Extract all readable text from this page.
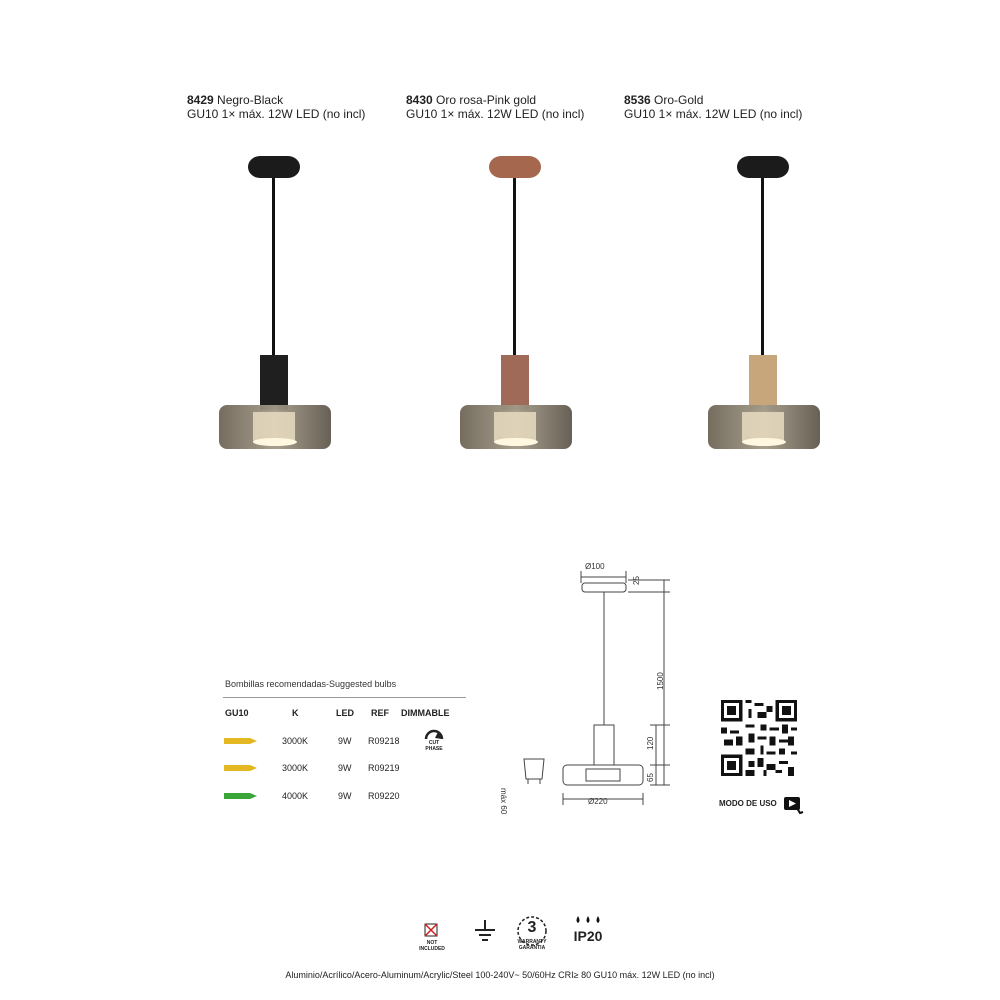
8429 Negro-Black
GU10 1× máx. 12W LED (no incl)
8430 Oro rosa-Pink gold
GU10 1× máx. 12W LED (no incl)
8536 Oro-Gold
GU10 1× máx. 12W LED (no incl)
Bombillas recomendadas-Suggested bulbs
GU10	K	LED REF DIMMABLE
3000K	9W R09218	CUT PHASE
3000K	9W R09219
4000K	9W R09220
Ø100
25
1500
120
65
Ø220
máx 60	MODO DE USO
NOT INCLUDED
3
WARRANTY GARANTIA
IP20
Aluminio/Acrílico/Acero-Aluminum/Acrylic/Steel 100-240V~ 50/60Hz CRI≥ 80 GU10 máx. 12W LED (no incl)
